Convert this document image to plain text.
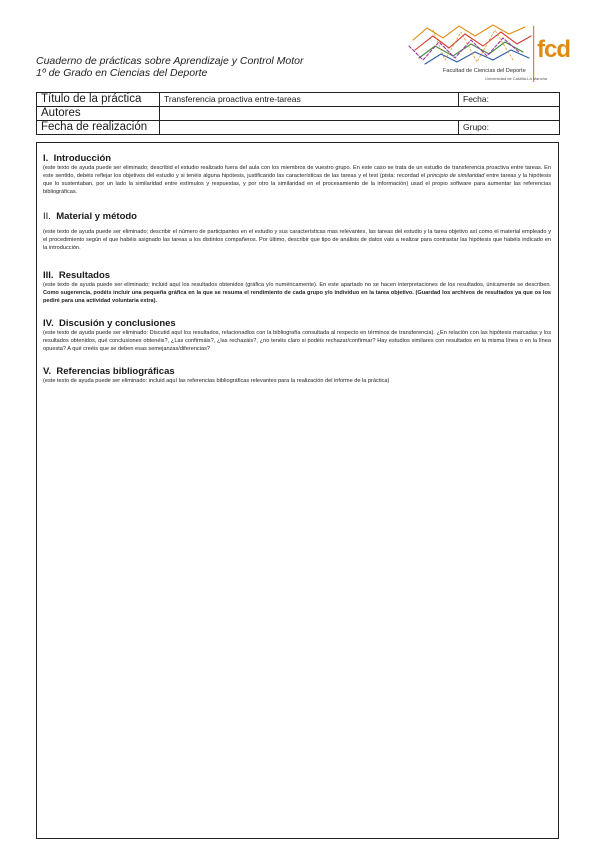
Cuaderno de prácticas sobre Aprendizaje y Control Motor
1º de Grado en Ciencias del Deporte	Facultad de Ciencias del Deporte
Universidad de Castilla-La Mancha
fcd
Título de la práctica	Transferencia proactiva entre-tareas	Fecha:
Autores		
Fecha de realización		Grupo:

I. Introducción

(este texto de ayuda puede ser eliminado; describid el estudio realizado fuera del aula con los miembros de vuestro grupo. En este caso se trata de un estudio de transferencia proactiva entre tareas. En este sentido, debéis reflejar los objetivos del estudio y si tenéis alguna hipótesis, justificando las características de las tareas y el test (pista: recordad el principio de similaridad entre tareas y la hipótesis que lo sustentaban, por un lado la similaridad entre estímulos y respuestas, y por otro la similaridad en el procesamiento de la información) usad el propio software para aumentar las referencias bibliográficas.

II. Material y método

(este texto de ayuda puede ser eliminado; describir el número de participantes en el estudio y sus características mas relevantes, las tareas del estudio y la tarea objetivo así como el material empleado y el procedimiento según el que habéis asignado las tareas a los distintos compañeros. Por último, describir que tipo de análisis de datos vais a realizar para contrastar las hipótesis que habéis indicado en la introducción.

III. Resultados

(este texto de ayuda puede ser eliminado; incluid aquí los resultados obtenidos (gráfica y/o numéricamente). En este apartado no se hacen interpretaciones de los resultados, únicamente se describen. Como sugerencia, podéis incluir una pequeña gráfica en la que se resuma el rendimiento de cada grupo y/o individuo en la tarea objetivo. (Guardad los archivos de resultados ya que os los pediré para una actividad voluntaria extra).

IV. Discusión y conclusiones

(este texto de ayuda puede ser eliminado: Discutid aquí los resultados, relacionadlos con la bibliografía consultada al respecto en términos de transferencia). ¿En relación con las hipótesis marcadas y los resultados obtenidos, qué conclusiones obtenéis?, ¿Las confirmáis?, ¿las rechazáis?, ¿no tenéis claro si podéis rechazar/confirmar? Hay estudios similares con resultados en la misma línea o en la línea opuesta? A qué creéis que se deben esas semejanzas/diferencias?

V. Referencias bibliográficas

(este texto de ayuda puede ser eliminado: incluid aquí las referencias bibliográficas relevantes para la realización del informe de la práctica)
